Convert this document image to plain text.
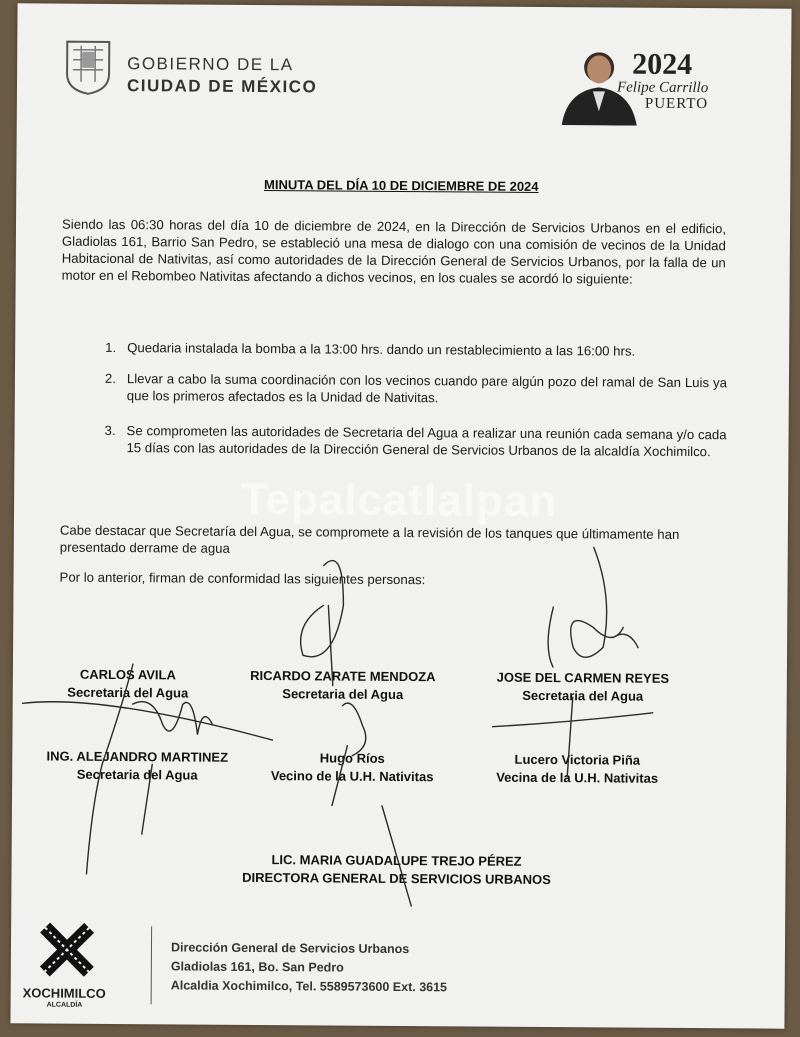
GOBIERNO DE LA
CIUDAD DE MÉXICO
2024
Felipe Carrillo
PUERTO
MINUTA DEL DÍA 10 DE DICIEMBRE DE 2024
Siendo las 06:30 horas del día 10 de diciembre de 2024, en la Dirección de Servicios Urbanos en el edificio, Gladiolas 161, Barrio San Pedro, se estableció una mesa de dialogo con una comisión de vecinos de la Unidad Habitacional de Nativitas, así como autoridades de la Dirección General de Servicios Urbanos, por la falla de un motor en el Rebombeo Nativitas afectando a dichos vecinos, en los cuales se acordó lo siguiente:
1. Quedaria instalada la bomba a la 13:00 hrs. dando un restablecimiento a las 16:00 hrs.
2. Llevar a cabo la suma coordinación con los vecinos cuando pare algún pozo del ramal de San Luis ya que los primeros afectados es la Unidad de Nativitas.
3. Se comprometen las autoridades de Secretaria del Agua a realizar una reunión cada semana y/o cada 15 días con las autoridades de la Dirección General de Servicios Urbanos de la alcaldía Xochimilco.
Tepalcatlalpan
Cabe destacar que Secretaría del Agua, se compromete a la revisión de los tanques que últimamente han presentado derrame de agua
Por lo anterior, firman de conformidad las siguientes personas:
CARLOS AVILA
Secretaria del Agua
RICARDO ZARATE MENDOZA
Secretaria del Agua
JOSE DEL CARMEN REYES
Secretaria del Agua
ING. ALEJANDRO MARTINEZ
Secretaria del Agua
Hugo Ríos
Vecino de la U.H. Nativitas
Lucero Victoria Piña
Vecina de la U.H. Nativitas
LIC. MARIA GUADALUPE TREJO PÉREZ
DIRECTORA GENERAL DE SERVICIOS URBANOS
XOCHIMILCO
ALCALDÍA
Dirección General de Servicios Urbanos
Gladiolas 161, Bo. San Pedro
Alcaldia Xochimilco, Tel. 5589573600 Ext. 3615
